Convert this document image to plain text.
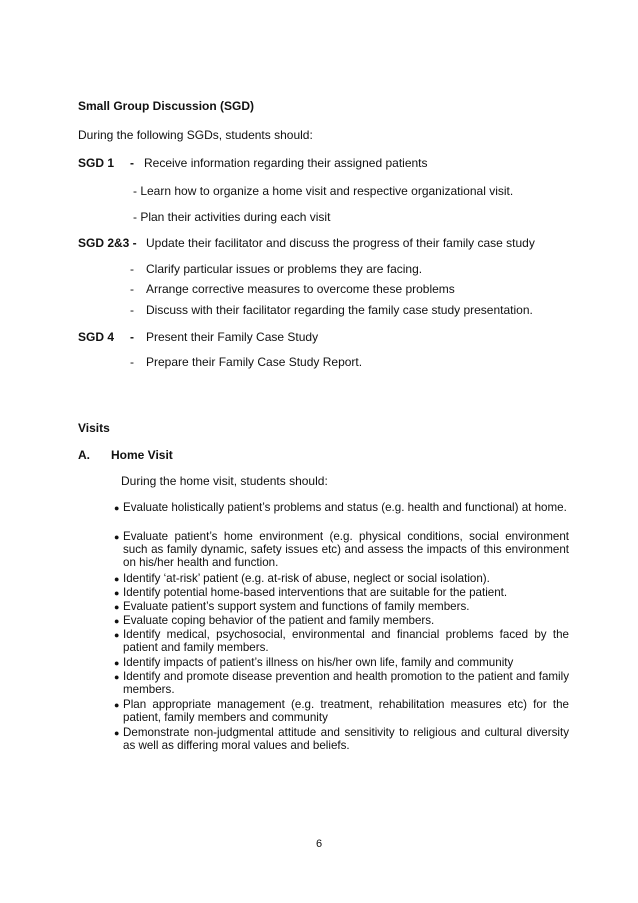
Small Group Discussion (SGD)
During the following SGDs, students should:
SGD 1 - Receive information regarding their assigned patients
- Learn how to organize a home visit and respective organizational visit.
- Plan their activities during each visit
SGD 2&3 - Update their facilitator and discuss the progress of their family case study
- Clarify particular issues or problems they are facing.
- Arrange corrective measures to overcome these problems
- Discuss with their facilitator regarding the family case study presentation.
SGD 4 - Present their Family Case Study
- Prepare their Family Case Study Report.
Visits
A. Home Visit
During the home visit, students should:
● Evaluate holistically patient’s problems and status (e.g. health and functional) at home.
● Evaluate patient’s home environment (e.g. physical conditions, social environment such as family dynamic, safety issues etc) and assess the impacts of this environment on his/her health and function.
● Identify ‘at-risk’ patient (e.g. at-risk of abuse, neglect or social isolation).
● Identify potential home-based interventions that are suitable for the patient.
● Evaluate patient’s support system and functions of family members.
● Evaluate coping behavior of the patient and family members.
● Identify medical, psychosocial, environmental and financial problems faced by the patient and family members.
● Identify impacts of patient’s illness on his/her own life, family and community
● Identify and promote disease prevention and health promotion to the patient and family members.
● Plan appropriate management (e.g. treatment, rehabilitation measures etc) for the patient, family members and community
● Demonstrate non-judgmental attitude and sensitivity to religious and cultural diversity as well as differing moral values and beliefs.
6
